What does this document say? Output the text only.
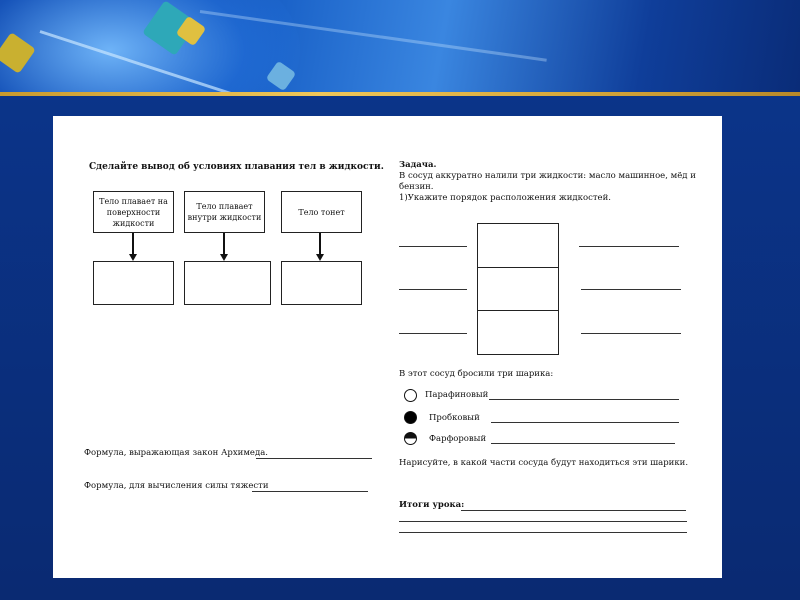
Сделайте вывод об условиях плавания тел в жидкости.
Тело плавает на поверхности жидкости
Тело плавает внутри жидкости
Тело тонет
Формула, выражающая закон Архимеда.
Формула, для вычисления силы тяжести
Задача.
В сосуд аккуратно налили три жидкости: масло машинное, мёд и
бензин.
1)Укажите порядок расположения жидкостей.
В этот сосуд бросили три шарика:
Парафиновый
Пробковый
Фарфоровый
Нарисуйте, в какой части сосуда будут находиться эти шарики.
Итоги урока:
